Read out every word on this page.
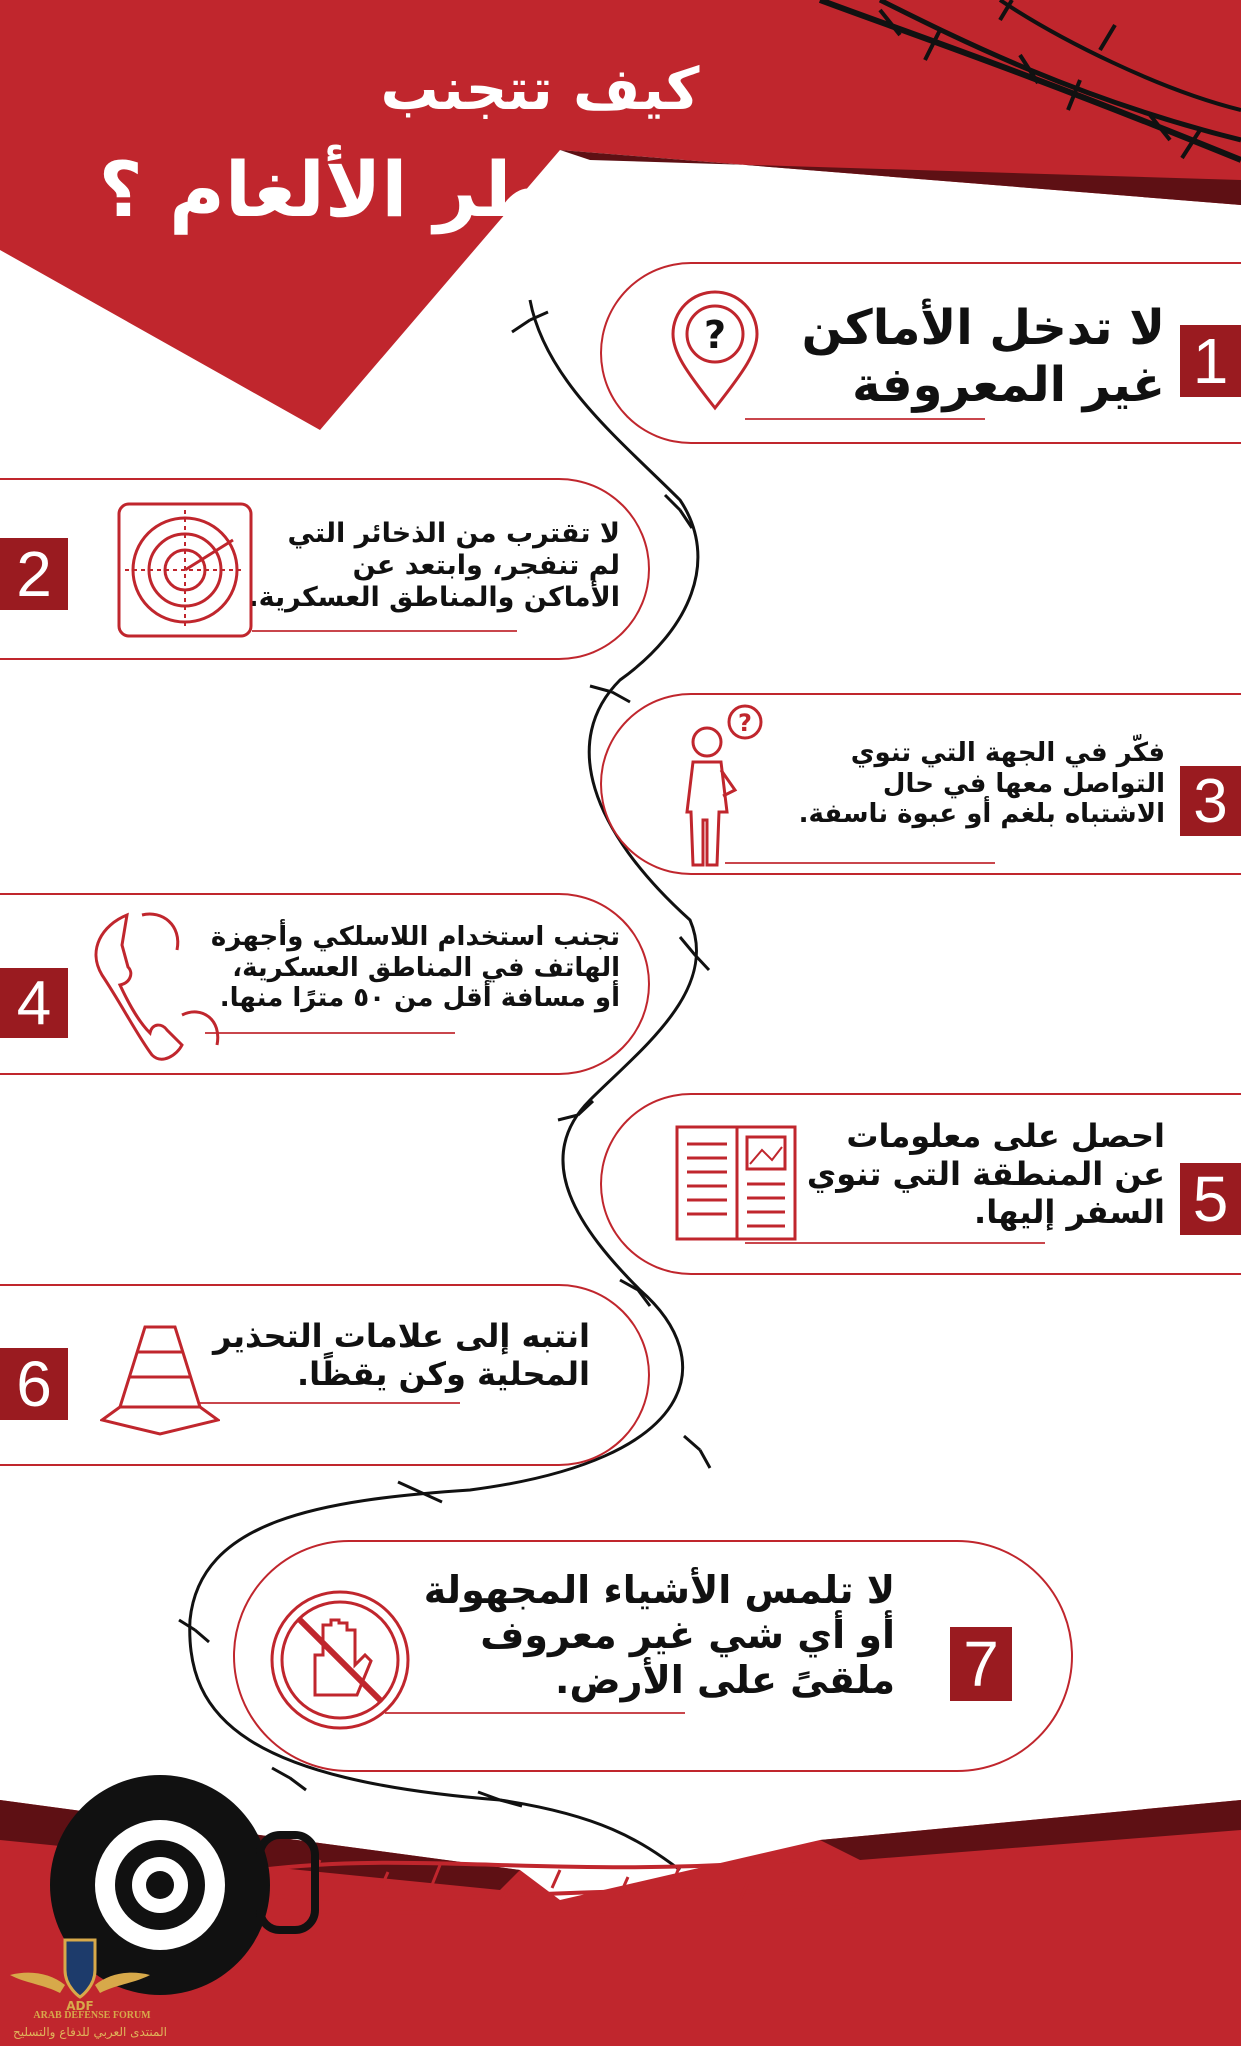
كيف تتجنب
خطر الألغام ؟
1
لا تدخل الأماكن
غير المعروفة
?
2
لا تقترب من الذخائر التي
لم تنفجر، وابتعد عن
الأماكن والمناطق العسكرية.
3
فكّر في الجهة التي تنوي
التواصل معها في حال
الاشتباه بلغم أو عبوة ناسفة.
?
4
تجنب استخدام اللاسلكي وأجهزة
الهاتف في المناطق العسكرية،
أو مسافة أقل من ٥٠ مترًا منها.
5
احصل على معلومات
عن المنطقة التي تنوي
السفر إليها.
6
انتبه إلى علامات التحذير
المحلية وكن يقظًا.
7
لا تلمس الأشياء المجهولة
أو أي شي غير معروف
ملقىً على الأرض.
ADF
ARAB DEFENSE FORUM
المنتدى العربي للدفاع والتسليح
